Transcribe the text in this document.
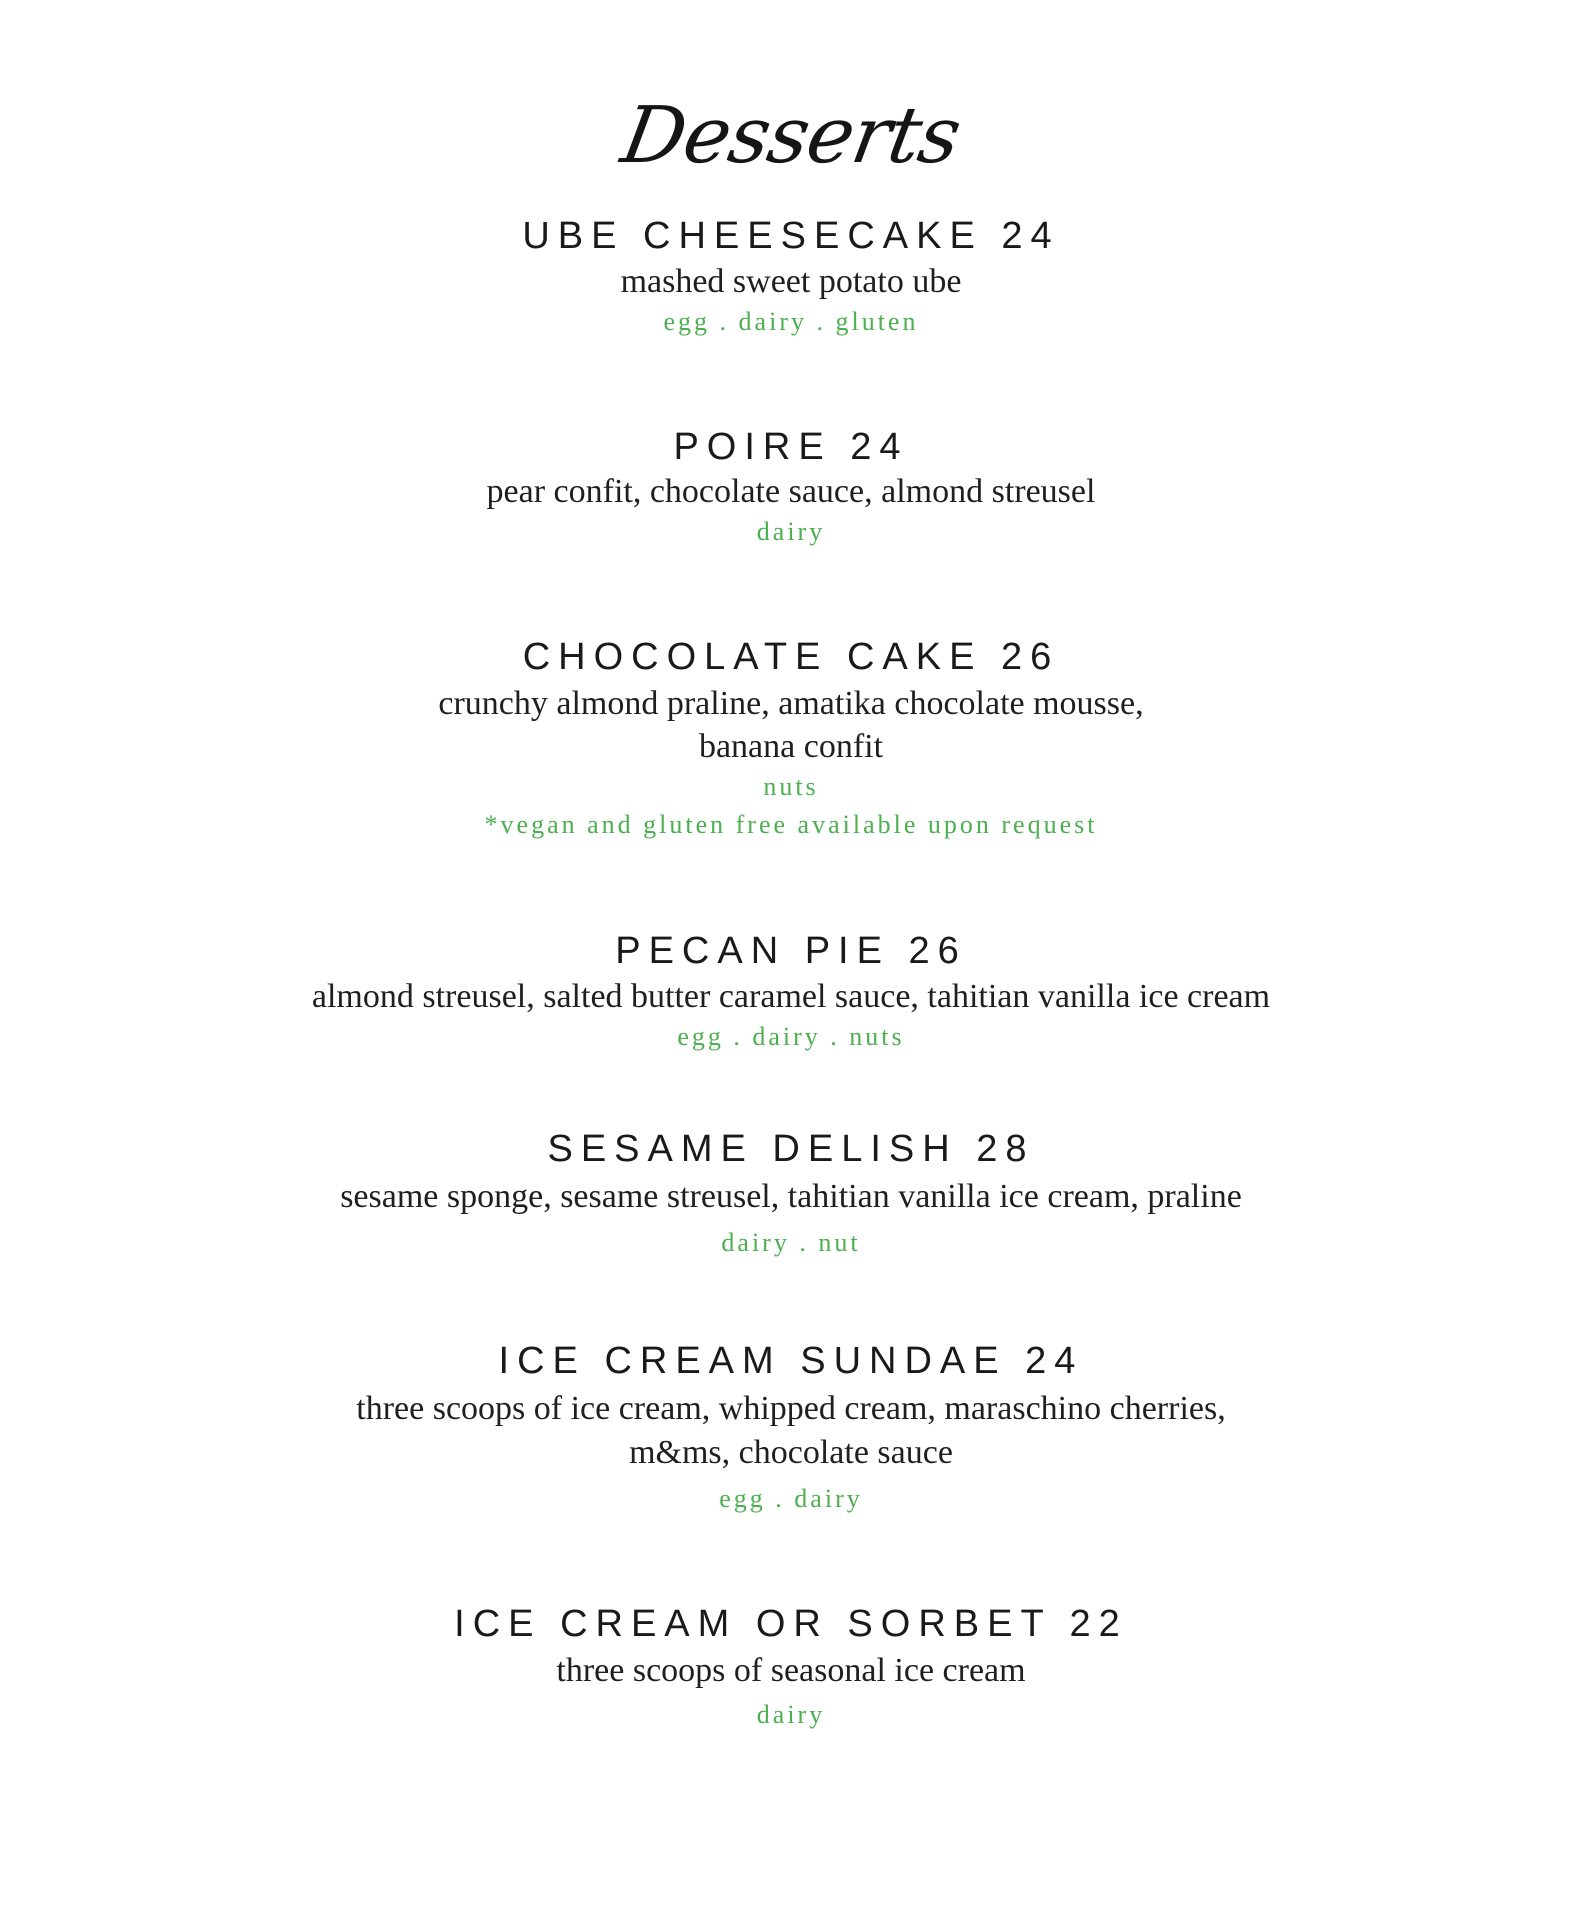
Desserts
UBE CHEESECAKE 24
mashed sweet potato ube
egg . dairy . gluten
POIRE 24
pear confit, chocolate sauce, almond streusel
dairy
CHOCOLATE CAKE 26
crunchy almond praline, amatika chocolate mousse,
banana confit
nuts
*vegan and gluten free available upon request
PECAN PIE 26
almond streusel, salted butter caramel sauce, tahitian vanilla ice cream
egg . dairy . nuts
SESAME DELISH 28
sesame sponge, sesame streusel, tahitian vanilla ice cream, praline
dairy . nut
ICE CREAM SUNDAE 24
three scoops of ice cream, whipped cream, maraschino cherries,
m&ms, chocolate sauce
egg . dairy
ICE CREAM OR SORBET 22
three scoops of seasonal ice cream
dairy
